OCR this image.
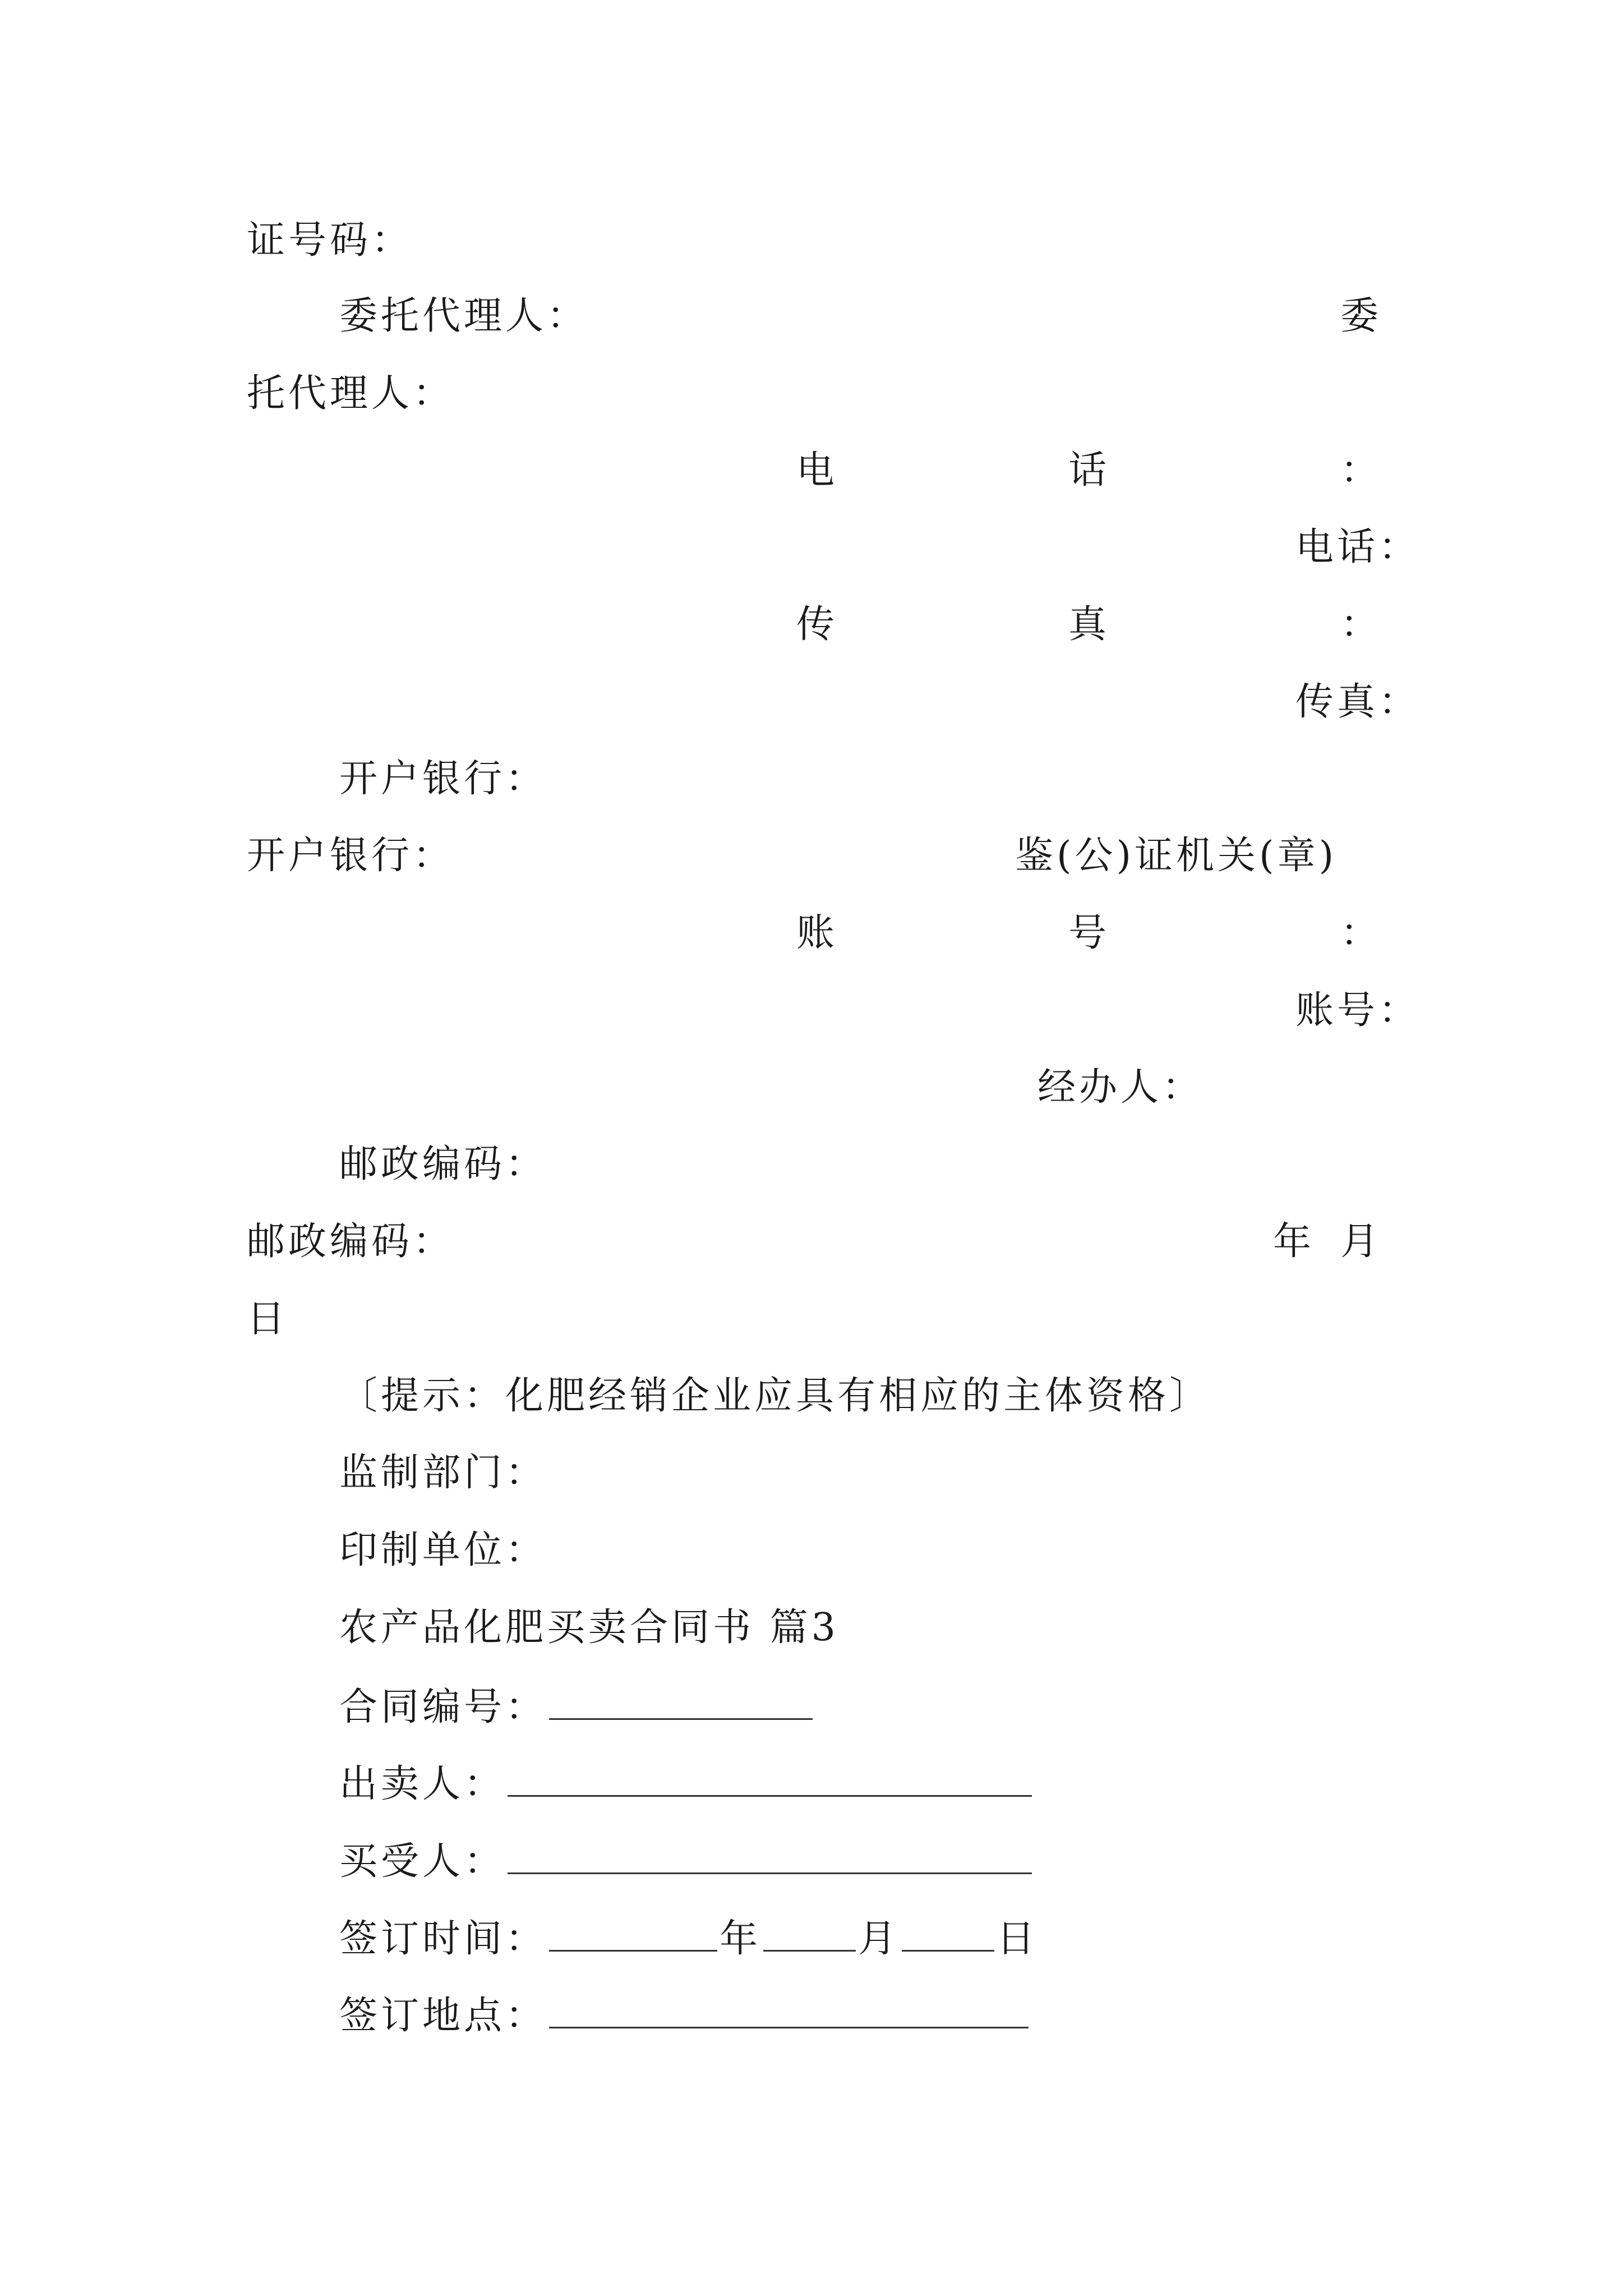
证号码：
委托代理人：	委
托代理人：
电	话	：
电话：
传	真	：
传真：
开户银行：
开户银行：	鉴(公)证机关(章)
账	号	：
账号：
经办人：
邮政编码：
邮政编码：	年 月
日
〔提示：化肥经销企业应具有相应的主体资格〕
监制部门：
印制单位：
农产品化肥买卖合同书 篇3
合同编号：
出卖人：
买受人：
签订时间：	年	月	日
签订地点：
